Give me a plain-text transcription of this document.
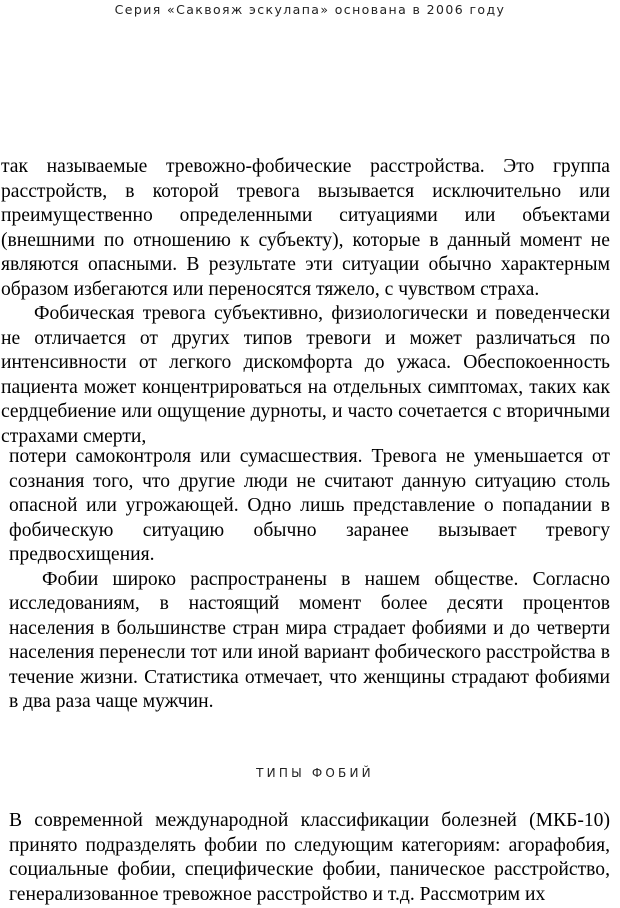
Серия «Саквояж эскулапа» основана в 2006 году

так называемые тревожно-фобические расстройства. Это группа расстройств, в которой тревога вызывается исключительно или преимущественно определенными ситуациями или объектами (внешними по отношению к субъекту), которые в данный момент не являются опасными. В результате эти ситуации обычно характерным образом избегаются или переносятся тяжело, с чувством страха.

Фобическая тревога субъективно, физиологически и поведенчески не отличается от других типов тревоги и может различаться по интенсивности от легкого дискомфорта до ужаса. Обеспокоенность пациента может концентрироваться на отдельных симптомах, таких как сердцебиение или ощущение дурноты, и часто сочетается с вторичными страхами смерти,

потери самоконтроля или сумасшествия. Тревога не уменьшается от сознания того, что другие люди не считают данную ситуацию столь опасной или угрожающей. Одно лишь представление о попадании в фобическую ситуацию обычно заранее вызывает тревогу предвосхищения.

Фобии широко распространены в нашем обществе. Согласно исследованиям, в настоящий момент более десяти процентов населения в большинстве стран мира страдает фобиями и до четверти населения перенесли тот или иной вариант фобического расстройства в течение жизни. Статистика отмечает, что женщины страдают фобиями в два раза чаще мужчин.

ТИПЫ ФОБИЙ

В современной международной классификации болезней (МКБ-10) принято подразделять фобии по следующим категориям: агорафобия, социальные фобии, специфические фобии, паническое расстройство, генерализованное тревожное расстройство и т.д. Рассмотрим их
